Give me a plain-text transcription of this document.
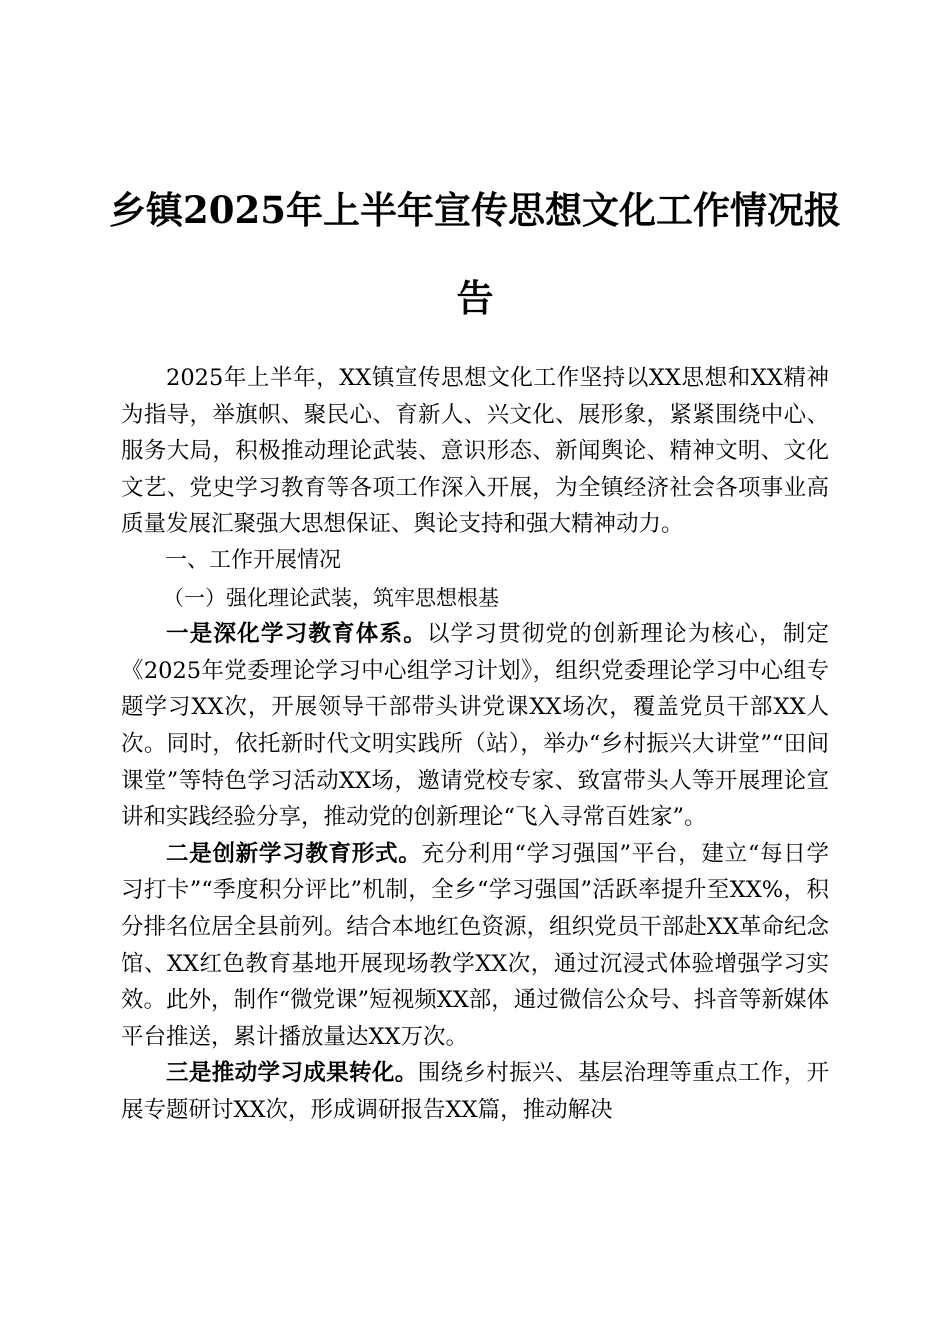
乡镇2025年上半年宣传思想文化工作情况报
告

2025年上半年，XX镇宣传思想文化工作坚持以XX思想和XX精神为指导，举旗帜、聚民心、育新人、兴文化、展形象，紧紧围绕中心、服务大局，积极推动理论武装、意识形态、新闻舆论、精神文明、文化文艺、党史学习教育等各项工作深入开展，为全镇经济社会各项事业高质量发展汇聚强大思想保证、舆论支持和强大精神动力。

一、工作开展情况

（一）强化理论武装，筑牢思想根基

一是深化学习教育体系。以学习贯彻党的创新理论为核心，制定《2025年党委理论学习中心组学习计划》，组织党委理论学习中心组专题学习XX次，开展领导干部带头讲党课XX场次，覆盖党员干部XX人次。同时，依托新时代文明实践所（站），举办“乡村振兴大讲堂”“田间课堂”等特色学习活动XX场，邀请党校专家、致富带头人等开展理论宣讲和实践经验分享，推动党的创新理论“飞入寻常百姓家”。

二是创新学习教育形式。充分利用“学习强国”平台，建立“每日学习打卡”“季度积分评比”机制，全乡“学习强国”活跃率提升至XX%，积分排名位居全县前列。结合本地红色资源，组织党员干部赴XX革命纪念馆、XX红色教育基地开展现场教学XX次，通过沉浸式体验增强学习实效。此外，制作“微党课”短视频XX部，通过微信公众号、抖音等新媒体平台推送，累计播放量达XX万次。

三是推动学习成果转化。围绕乡村振兴、基层治理等重点工作，开展专题研讨XX次，形成调研报告XX篇，推动解决
